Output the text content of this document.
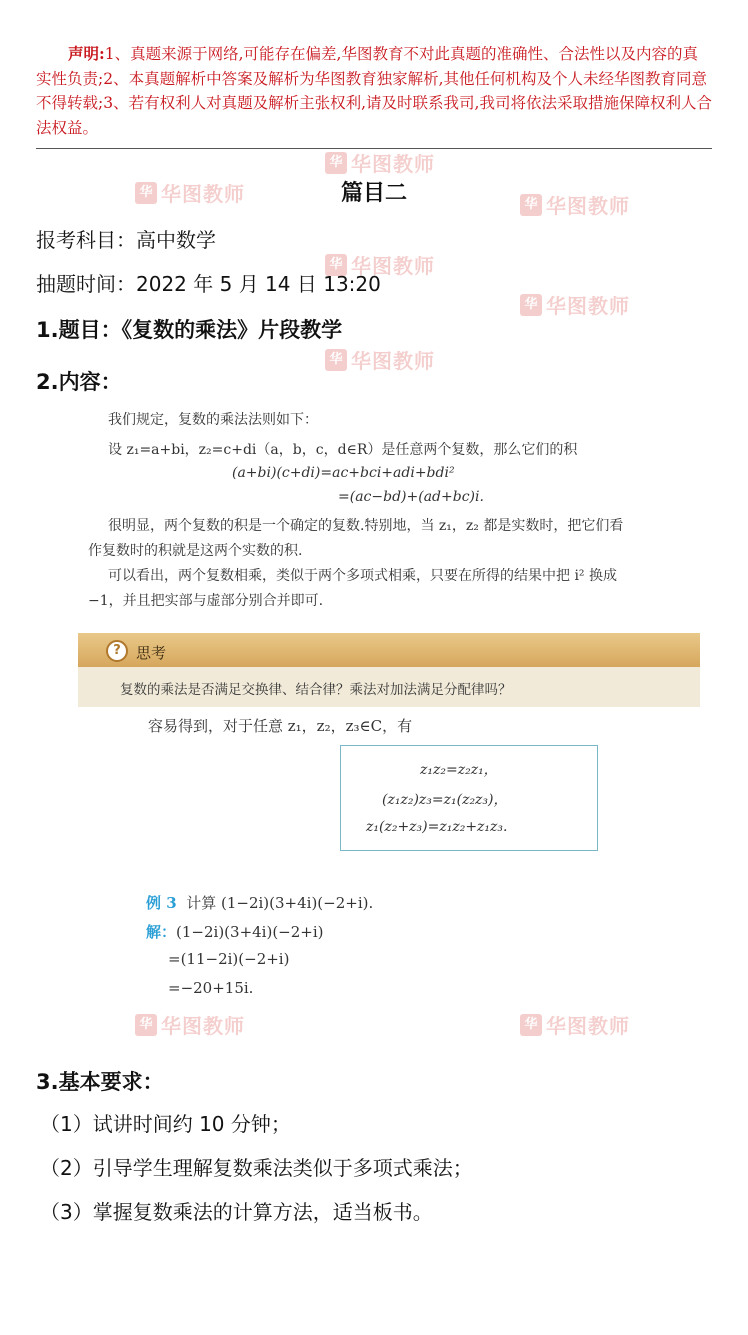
声明:1、真题来源于网络,可能存在偏差,华图教育不对此真题的准确性、合法性以及内容的真实性负责;2、本真题解析中答案及解析为华图教育独家解析,其他任何机构及个人未经华图教育同意不得转载;3、若有权利人对真题及解析主张权利,请及时联系我司,我司将依法采取措施保障权利人合法权益。
华 华图教师
华 华图教师	华 华图教师
华 华图教师
华 华图教师
华 华图教师
华 华图教师	华 华图教师
篇目二
报考科目：高中数学
抽题时间：2022 年 5 月 14 日 13:20
1.题目：《复数的乘法》片段教学
2.内容：
我们规定，复数的乘法法则如下：
设 z₁=a+bi，z₂=c+di（a，b，c，d∈R）是任意两个复数，那么它们的积
(a+bi)(c+di)=ac+bci+adi+bdi²
=(ac−bd)+(ad+bc)i.
很明显，两个复数的积是一个确定的复数.特别地，当 z₁，z₂ 都是实数时，把它们看
作复数时的积就是这两个实数的积.
可以看出，两个复数相乘，类似于两个多项式相乘，只要在所得的结果中把 i² 换成
−1，并且把实部与虚部分别合并即可.
?	思考
复数的乘法是否满足交换律、结合律？乘法对加法满足分配律吗？
容易得到，对于任意 z₁，z₂，z₃∈C，有
z₁z₂=z₂z₁，
(z₁z₂)z₃=z₁(z₂z₃)，
z₁(z₂+z₃)=z₁z₂+z₁z₃.
例 3 计算 (1−2i)(3+4i)(−2+i).
解：(1−2i)(3+4i)(−2+i)
=(11−2i)(−2+i)
=−20+15i.
3.基本要求：
（1）试讲时间约 10 分钟；
（2）引导学生理解复数乘法类似于多项式乘法；
（3）掌握复数乘法的计算方法，适当板书。
